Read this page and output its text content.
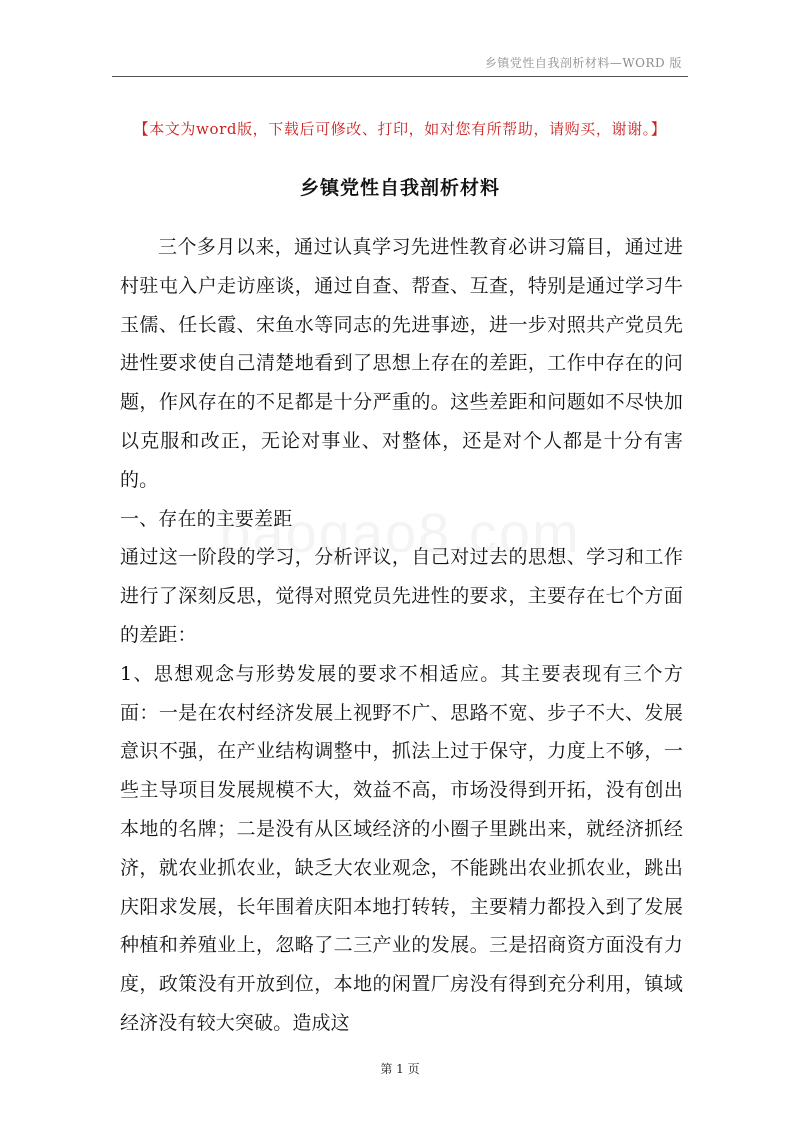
乡镇党性自我剖析材料—WORD 版
【本文为word版，下载后可修改、打印，如对您有所帮助，请购买，谢谢。】
乡镇党性自我剖析材料

三个多月以来，通过认真学习先进性教育必讲习篇目，通过进村驻屯入户走访座谈，通过自查、帮查、互查，特别是通过学习牛玉儒、任长霞、宋鱼水等同志的先进事迹，进一步对照共产党员先进性要求使自己清楚地看到了思想上存在的差距，工作中存在的问题，作风存在的不足都是十分严重的。这些差距和问题如不尽快加以克服和改正，无论对事业、对整体，还是对个人都是十分有害的。

一、存在的主要差距

通过这一阶段的学习，分析评议，自己对过去的思想、学习和工作进行了深刻反思，觉得对照党员先进性的要求，主要存在七个方面的差距：

1、思想观念与形势发展的要求不相适应。其主要表现有三个方面：一是在农村经济发展上视野不广、思路不宽、步子不大、发展意识不强，在产业结构调整中，抓法上过于保守，力度上不够，一些主导项目发展规模不大，效益不高，市场没得到开拓，没有创出本地的名牌；二是没有从区域经济的小圈子里跳出来，就经济抓经济，就农业抓农业，缺乏大农业观念，不能跳出农业抓农业，跳出庆阳求发展，长年围着庆阳本地打转转，主要精力都投入到了发展种植和养殖业上，忽略了二三产业的发展。三是招商资方面没有力度，政策没有开放到位，本地的闲置厂房没有得到充分利用，镇域经济没有较大突破。造成这

第 1 页
